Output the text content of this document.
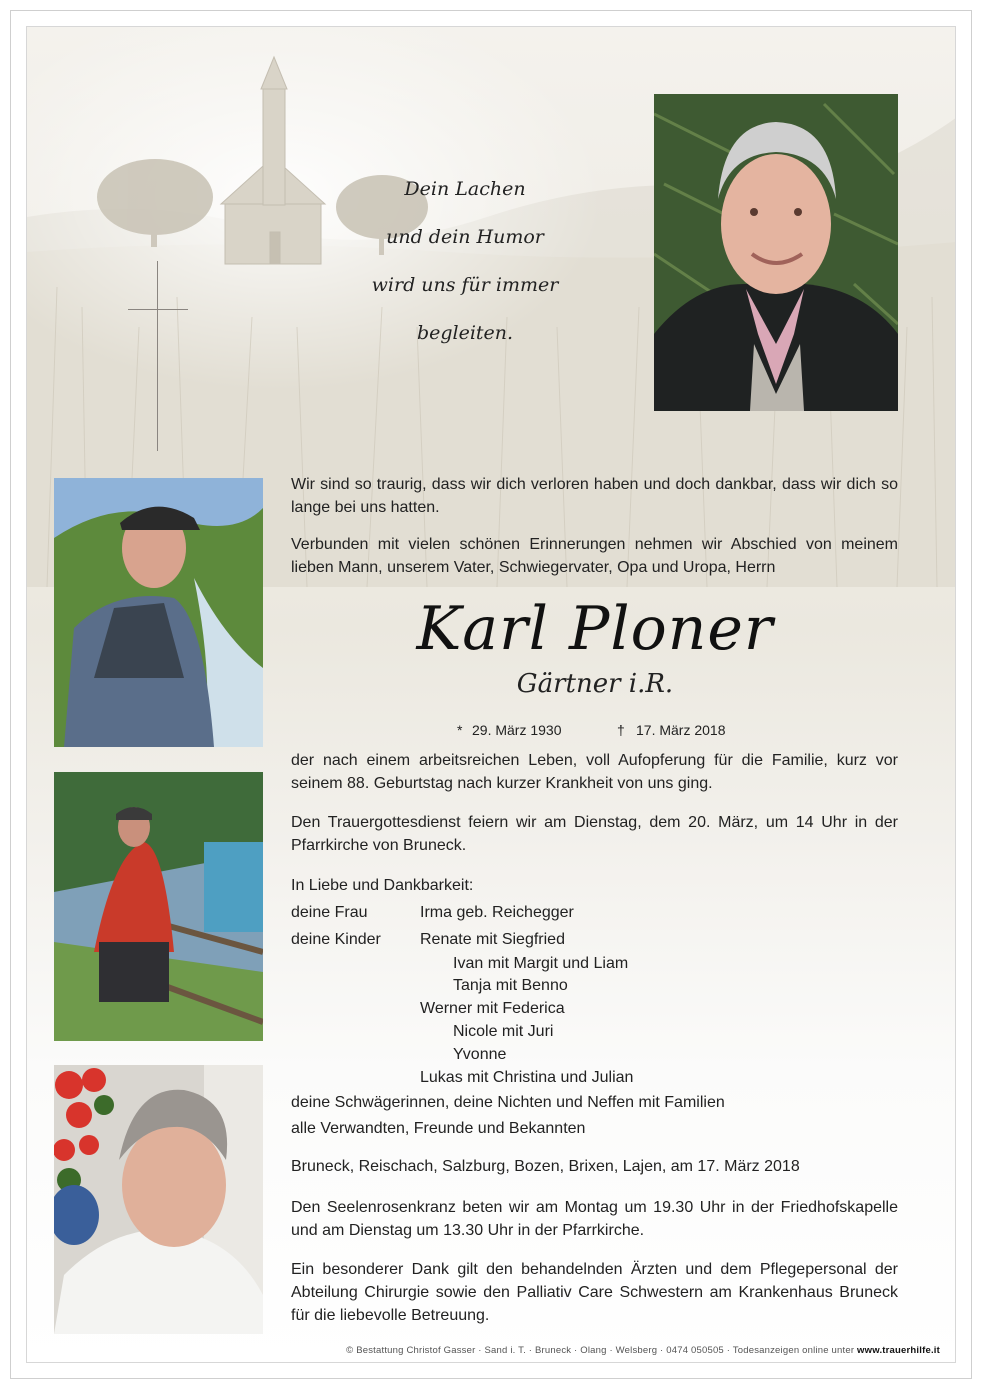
Dein Lachen
und dein Humor
wird uns für immer
begleiten.
Wir sind so traurig, dass wir dich verloren haben und doch dankbar, dass wir dich so lange bei uns hatten.
Verbunden mit vielen schönen Erinnerungen nehmen wir Abschied von meinem lieben Mann, unserem Vater, Schwiegervater, Opa und Uropa, Herrn
Karl Ploner
Gärtner i.R.
* 29. März 1930	† 17. März 2018
der nach einem arbeitsreichen Leben, voll Aufopferung für die Familie, kurz vor seinem 88. Geburtstag nach kurzer Krankheit von uns ging.
Den Trauergottesdienst feiern wir am Dienstag, dem 20. März, um 14 Uhr in der Pfarrkirche von Bruneck.
In Liebe und Dankbarkeit:
deine Frau	Irma geb. Reichegger
deine Kinder Renate mit Siegfried
Ivan mit Margit und Liam
Tanja mit Benno
Werner mit Federica
Nicole mit Juri
Yvonne
Lukas mit Christina und Julian
deine Schwägerinnen, deine Nichten und Neffen mit Familien
alle Verwandten, Freunde und Bekannten
Bruneck, Reischach, Salzburg, Bozen, Brixen, Lajen, am 17. März 2018
Den Seelenrosenkranz beten wir am Montag um 19.30 Uhr in der Friedhofskapelle und am Dienstag um 13.30 Uhr in der Pfarrkirche.
Ein besonderer Dank gilt den behandelnden Ärzten und dem Pflegepersonal der Abteilung Chirurgie sowie den Palliativ Care Schwestern am Krankenhaus Bruneck für die liebevolle Betreuung.
© Bestattung Christof Gasser · Sand i. T. · Bruneck · Olang · Welsberg · 0474 050505 · Todesanzeigen online unter www.trauerhilfe.it
